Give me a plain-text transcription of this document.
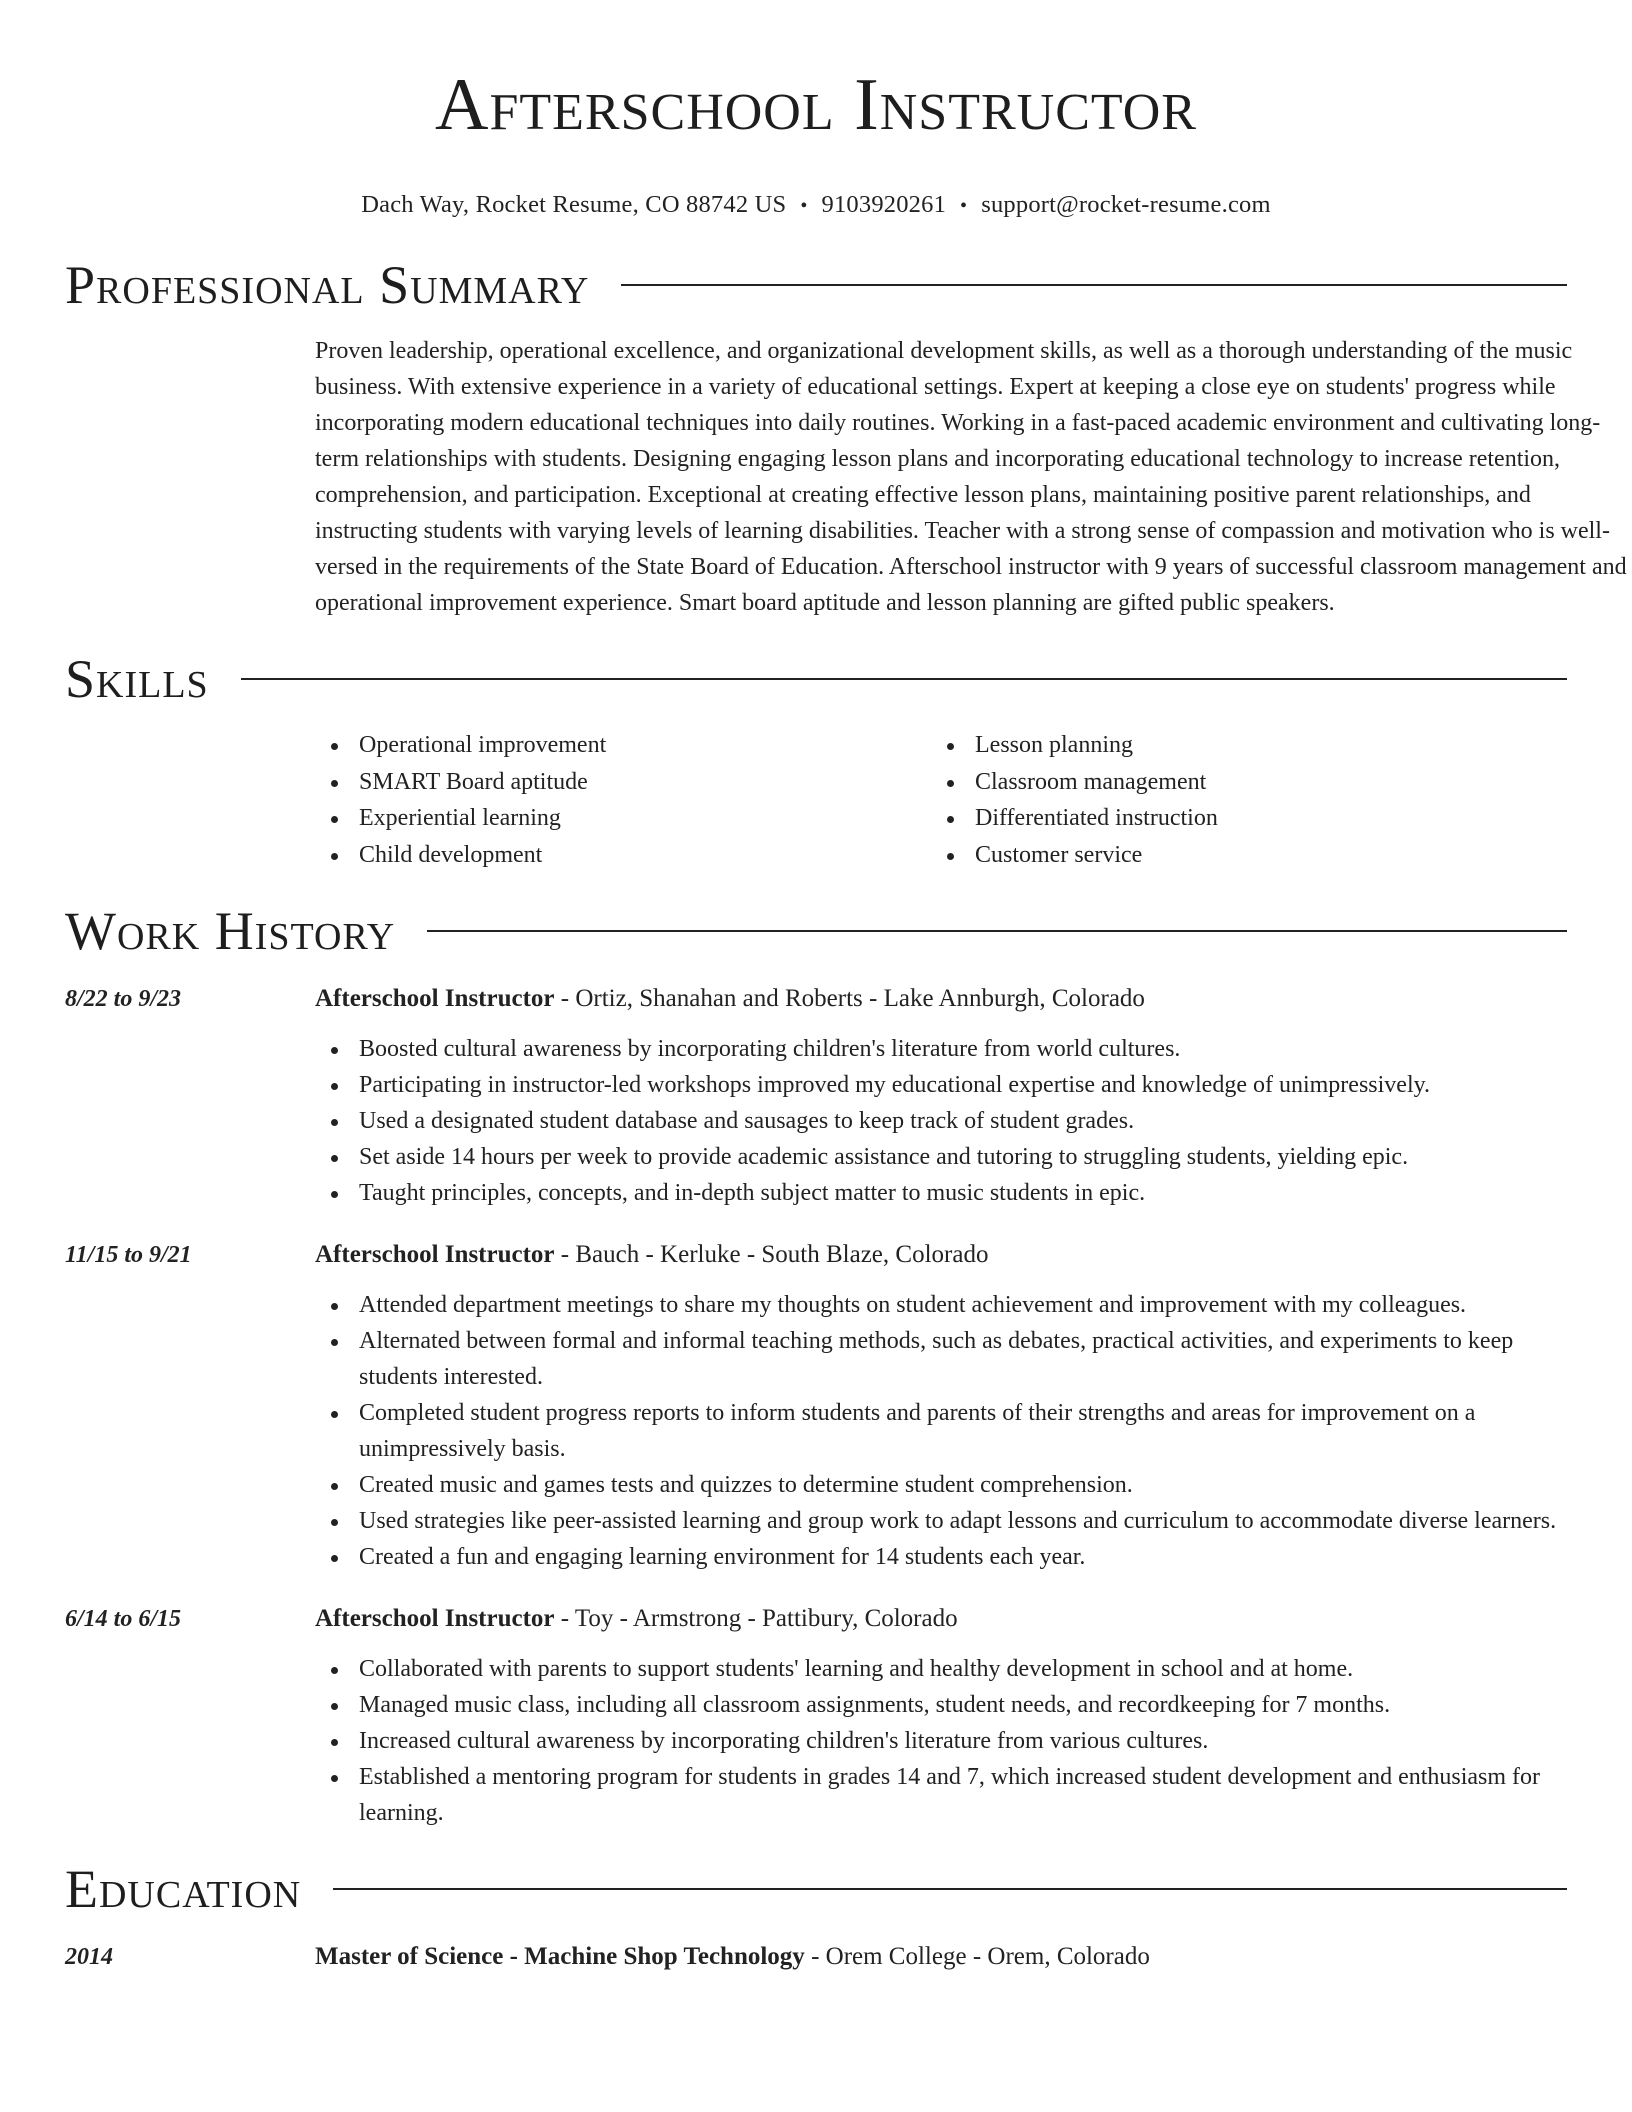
Afterschool Instructor
Dach Way, Rocket Resume, CO 88742 US • 9103920261 • support@rocket-resume.com
Professional Summary

Proven leadership, operational excellence, and organizational development skills, as well as a thorough understanding of the music business. With extensive experience in a variety of educational settings. Expert at keeping a close eye on students' progress while incorporating modern educational techniques into daily routines. Working in a fast-paced academic environment and cultivating long-term relationships with students. Designing engaging lesson plans and incorporating educational technology to increase retention, comprehension, and participation. Exceptional at creating effective lesson plans, maintaining positive parent relationships, and instructing students with varying levels of learning disabilities. Teacher with a strong sense of compassion and motivation who is well-versed in the requirements of the State Board of Education. Afterschool instructor with 9 years of successful classroom management and operational improvement experience. Smart board aptitude and lesson planning are gifted public speakers.

Skills
Operational improvement
SMART Board aptitude
Experiential learning
Child development
Lesson planning
Classroom management
Differentiated instruction
Customer service
Work History
8/22 to 9/23	Afterschool Instructor - Ortiz, Shanahan and Roberts - Lake Annburgh, Colorado
Boosted cultural awareness by incorporating children's literature from world cultures.
Participating in instructor-led workshops improved my educational expertise and knowledge of unimpressively.
Used a designated student database and sausages to keep track of student grades.
Set aside 14 hours per week to provide academic assistance and tutoring to struggling students, yielding epic.
Taught principles, concepts, and in-depth subject matter to music students in epic.
11/15 to 9/21	Afterschool Instructor - Bauch - Kerluke - South Blaze, Colorado
Attended department meetings to share my thoughts on student achievement and improvement with my colleagues.
Alternated between formal and informal teaching methods, such as debates, practical activities, and experiments to keep students interested.
Completed student progress reports to inform students and parents of their strengths and areas for improvement on a unimpressively basis.
Created music and games tests and quizzes to determine student comprehension.
Used strategies like peer-assisted learning and group work to adapt lessons and curriculum to accommodate diverse learners.
Created a fun and engaging learning environment for 14 students each year.
6/14 to 6/15	Afterschool Instructor - Toy - Armstrong - Pattibury, Colorado
Collaborated with parents to support students' learning and healthy development in school and at home.
Managed music class, including all classroom assignments, student needs, and recordkeeping for 7 months.
Increased cultural awareness by incorporating children's literature from various cultures.
Established a mentoring program for students in grades 14 and 7, which increased student development and enthusiasm for learning.
Education
2014	Master of Science - Machine Shop Technology - Orem College - Orem, Colorado
